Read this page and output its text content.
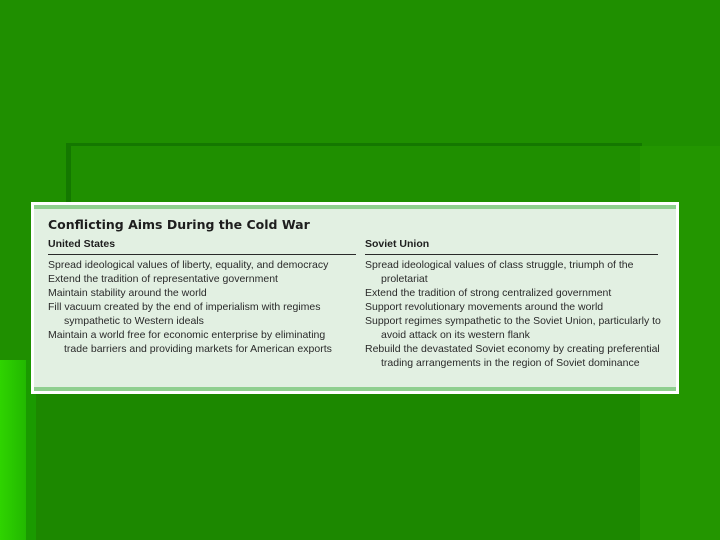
Conflicting Aims During the Cold War
United States
Spread ideological values of liberty, equality, and democracy
Extend the tradition of representative government
Maintain stability around the world
Fill vacuum created by the end of imperialism with regimes sympathetic to Western ideals
Maintain a world free for economic enterprise by eliminating trade barriers and providing markets for American exports
Soviet Union
Spread ideological values of class struggle, triumph of the proletariat
Extend the tradition of strong centralized government
Support revolutionary movements around the world
Support regimes sympathetic to the Soviet Union, particularly to avoid attack on its western flank
Rebuild the devastated Soviet economy by creating preferential trading arrangements in the region of Soviet dominance
